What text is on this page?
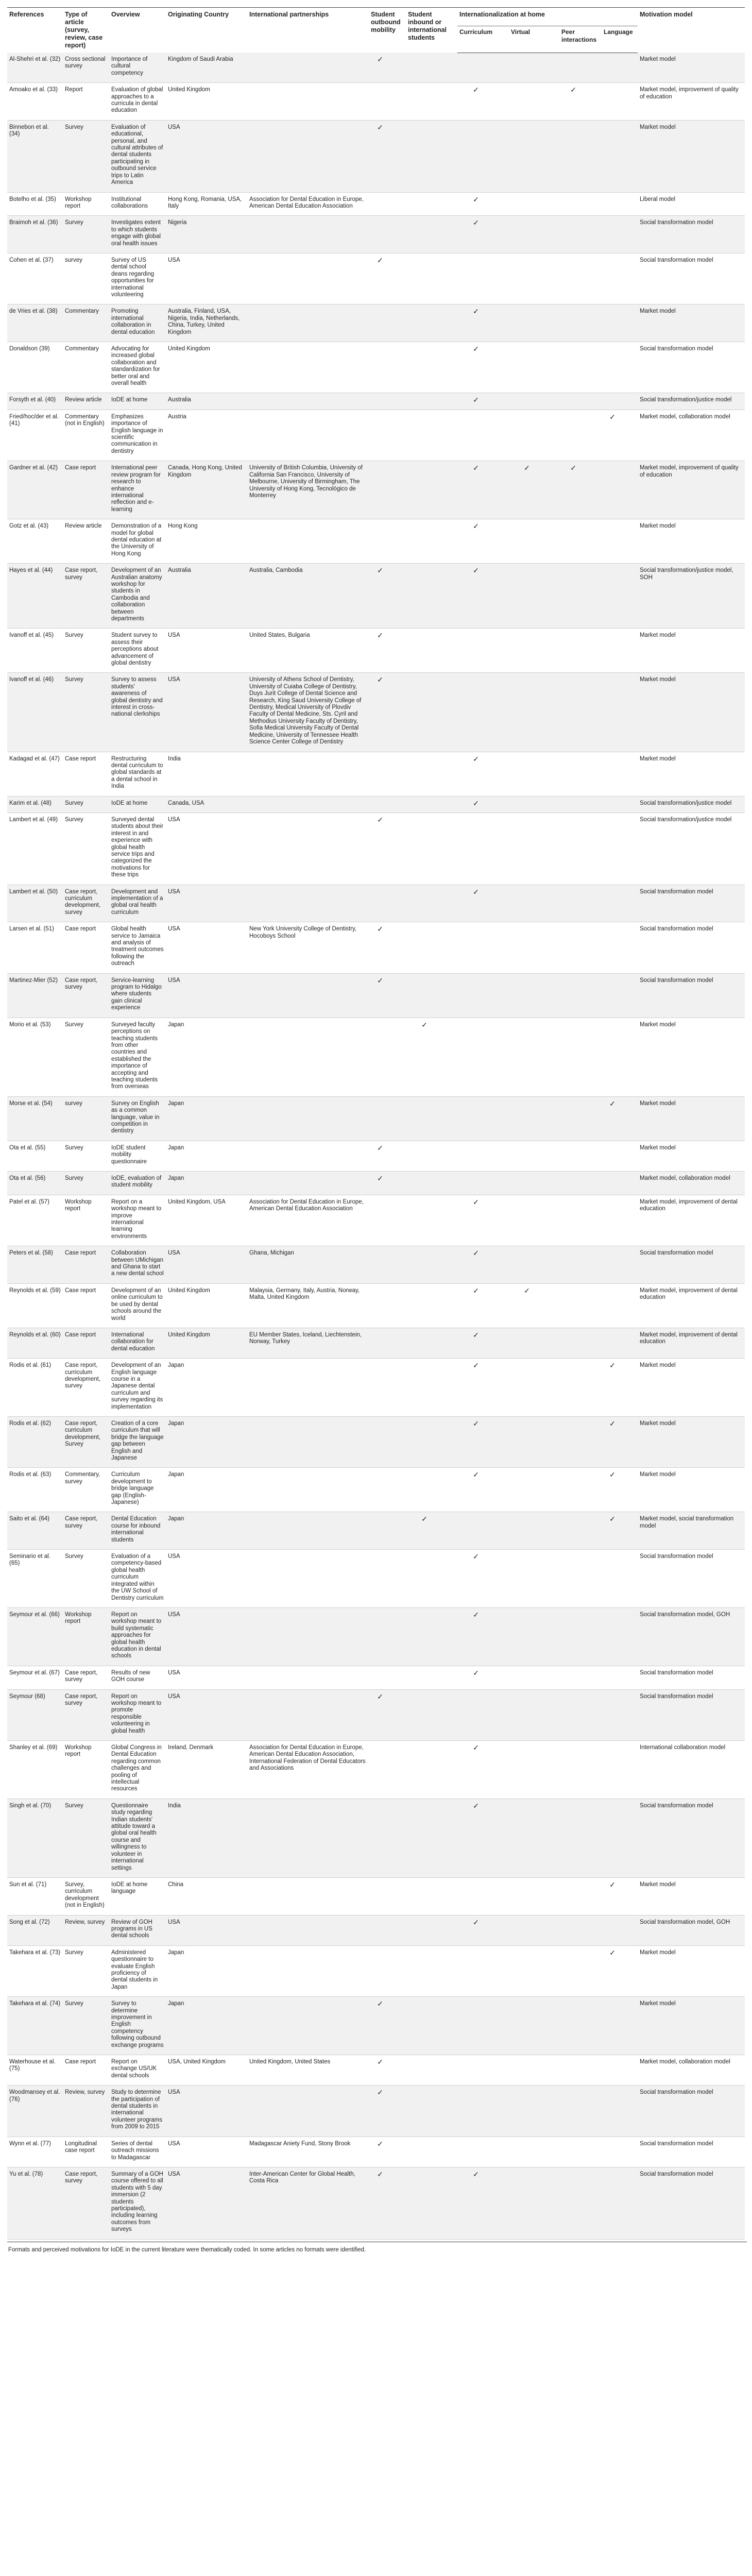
References	Type of article (survey, review, case report)	Overview	Originating Country	International partnerships	Student outbound mobility	Student inbound or international students	Internationalization at home				Motivation model
							Curriculum	Virtual	Peer interactions	Language	
Al-Shehri et al. (32)	Cross sectional survey	Importance of cultural competency	Kingdom of Saudi Arabia		✓						Market model
Amoako et al. (33)	Report	Evaluation of global approaches to a curricula in dental education	United Kingdom				✓		✓		Market model, improvement of quality of education
Binnebon et al. (34)	Survey	Evaluation of educational, personal, and cultural attributes of dental students participating in outbound service trips to Latin America	USA		✓						Market model
Botelho et al. (35)	Workshop report	Institutional collaborations	Hong Kong, Romania, USA, Italy	Association for Dental Education in Europe, American Dental Education Association			✓				Liberal model
Braimoh et al. (36)	Survey	Investigates extent to which students engage with global oral health issues	Nigeria				✓				Social transformation model
Cohen et al. (37)	survey	Survey of US dental school deans regarding opportunities for international volunteering	USA		✓						Social transformation model
de Vries et al. (38)	Commentary	Promoting international collaboration in dental education	Australia, Finland, USA, Nigeria, India, Netherlands, China, Turkey, United Kingdom				✓				Market model
Donaldson (39)	Commentary	Advocating for increased global collaboration and standardization for better oral and overall health	United Kingdom				✓				Social transformation model
Forsyth et al. (40)	Review article	IoDE at home	Australia				✓				Social transformation/justice model
Fried/hoc/der et al. (41)	Commentary (not in English)	Emphasizes importance of English language in scientific communication in dentistry	Austria							✓	Market model, collaboration model
Gardner et al. (42)	Case report	International peer review program for research to enhance international reflection and e-learning	Canada, Hong Kong, United Kingdom	University of British Columbia, University of California San Francisco, University of Melbourne, University of Birmingham, The University of Hong Kong, Tecnológico de Monterrey			✓	✓	✓		Market model, improvement of quality of education
Gotz et al. (43)	Review article	Demonstration of a model for global dental education at the University of Hong Kong	Hong Kong				✓				Market model
Hayes et al. (44)	Case report, survey	Development of an Australian anatomy workshop for students in Cambodia and collaboration between departments	Australia	Australia, Cambodia	✓		✓				Social transformation/justice model, SOH
Ivanoff et al. (45)	Survey	Student survey to assess their perceptions about advancement of global dentistry	USA	United States, Bulgaria	✓						Market model
Ivanoff et al. (46)	Survey	Survey to assess students' awareness of global dentistry and interest in cross-national clerkships	USA	University of Athens School of Dentistry, University of Cuiaba College of Dentistry, Duys Jurit College of Dental Science and Research, King Saud University College of Dentistry, Medical University of Plovdiv Faculty of Dental Medicine, Sts. Cyril and Methodius University Faculty of Dentistry, Sofia Medical University Faculty of Dental Medicine, University of Tennessee Health Science Center College of Dentistry	✓						Market model
Kadagad et al. (47)	Case report	Restructuring dental curriculum to global standards at a dental school in India	India				✓				Market model
Karim et al. (48)	Survey	IoDE at home	Canada, USA				✓				Social transformation/justice model
Lambert et al. (49)	Survey	Surveyed dental students about their interest in and experience with global health service trips and categorized the motivations for these trips	USA		✓						Social transformation/justice model
Lambert et al. (50)	Case report, curriculum development, survey	Development and implementation of a global oral health curriculum	USA				✓				Social transformation model
Larsen et al. (51)	Case report	Global health service to Jamaica and analysis of treatment outcomes following the outreach	USA	New York University College of Dentistry, Hocoboys School	✓						Social transformation model
Martinez-Mier (52)	Case report, survey	Service-learning program to Hidalgo where students gain clinical experience	USA		✓						Social transformation model
Morio et al. (53)	Survey	Surveyed faculty perceptions on teaching students from other countries and established the importance of accepting and teaching students from overseas	Japan			✓					Market model
Morse et al. (54)	survey	Survey on English as a common language, value in competition in dentistry	Japan							✓	Market model
Ota et al. (55)	Survey	IoDE student mobility questionnaire	Japan		✓						Market model
Ota et al. (56)	Survey	IoDE, evaluation of student mobility	Japan		✓						Market model, collaboration model
Patel et al. (57)	Workshop report	Report on a workshop meant to improve international learning environments	United Kingdom, USA	Association for Dental Education in Europe, American Dental Education Association			✓				Market model, improvement of dental education
Peters et al. (58)	Case report	Collaboration between UMichigan and Ghana to start a new dental school	USA	Ghana, Michigan			✓				Social transformation model
Reynolds et al. (59)	Case report	Development of an online curriculum to be used by dental schools around the world	United Kingdom	Malaysia, Germany, Italy, Austria, Norway, Malta, United Kingdom			✓	✓			Market model, improvement of dental education
Reynolds et al. (60)	Case report	International collaboration for dental education	United Kingdom	EU Member States, Iceland, Liechtenstein, Norway, Turkey			✓				Market model, improvement of dental education
Rodis et al. (61)	Case report, curriculum development, survey	Development of an English language course in a Japanese dental curriculum and survey regarding its implementation	Japan				✓			✓	Market model
Rodis et al. (62)	Case report, curriculum development, Survey	Creation of a core curriculum that will bridge the language gap between English and Japanese	Japan				✓			✓	Market model
Rodis et al. (63)	Commentary, survey	Curriculum development to bridge language gap (English-Japanese)	Japan				✓			✓	Market model
Saito et al. (64)	Case report, survey	Dental Education course for inbound international students	Japan			✓				✓	Market model, social transformation model
Seminario et al. (65)	Survey	Evaluation of a competency-based global health curriculum integrated within the UW School of Dentistry curriculum	USA				✓				Social transformation model
Seymour et al. (66)	Workshop report	Report on workshop meant to build systematic approaches for global health education in dental schools	USA				✓				Social transformation model, GOH
Seymour et al. (67)	Case report, survey	Results of new GOH course	USA				✓				Social transformation model
Seymour (68)	Case report, survey	Report on workshop meant to promote responsible volunteering in global health	USA		✓						Social transformation model
Shanley et al. (69)	Workshop report	Global Congress in Dental Education regarding common challenges and pooling of intellectual resources	Ireland, Denmark	Association for Dental Education in Europe, American Dental Education Association, International Federation of Dental Educators and Associations			✓				International collaboration model
Singh et al. (70)	Survey	Questionnaire study regarding Indian students' attitude toward a global oral health course and willingness to volunteer in international settings	India				✓				Social transformation model
Sun et al. (71)	Survey, curriculum development (not in English)	IoDE at home language	China							✓	Market model
Song et al. (72)	Review, survey	Review of GOH programs in US dental schools	USA				✓				Social transformation model, GOH
Takehara et al. (73)	Survey	Administered questionnaire to evaluate English proficiency of dental students in Japan	Japan							✓	Market model
Takehara et al. (74)	Survey	Survey to determine improvement in English competency following outbound exchange programs	Japan		✓						Market model
Waterhouse et al. (75)	Case report	Report on exchange US/UK dental schools	USA, United Kingdom	United Kingdom, United States	✓						Market model, collaboration model
Woodmansey et al. (76)	Review, survey	Study to determine the participation of dental students in international volunteer programs from 2009 to 2015	USA		✓						Social transformation model
Wynn et al. (77)	Longitudinal case report	Series of dental outreach missions to Madagascar	USA	Madagascar Aniety Fund, Stony Brook	✓						Social transformation model
Yu et al. (78)	Case report, survey	Summary of a GOH course offered to all students with 5 day immersion (2 students participated), including learning outcomes from surveys	USA	Inter-American Center for Global Health, Costa Rica	✓		✓				Social transformation model
Formats and perceived motivations for IoDE in the current literature were thematically coded. In some articles no formats were identified.
